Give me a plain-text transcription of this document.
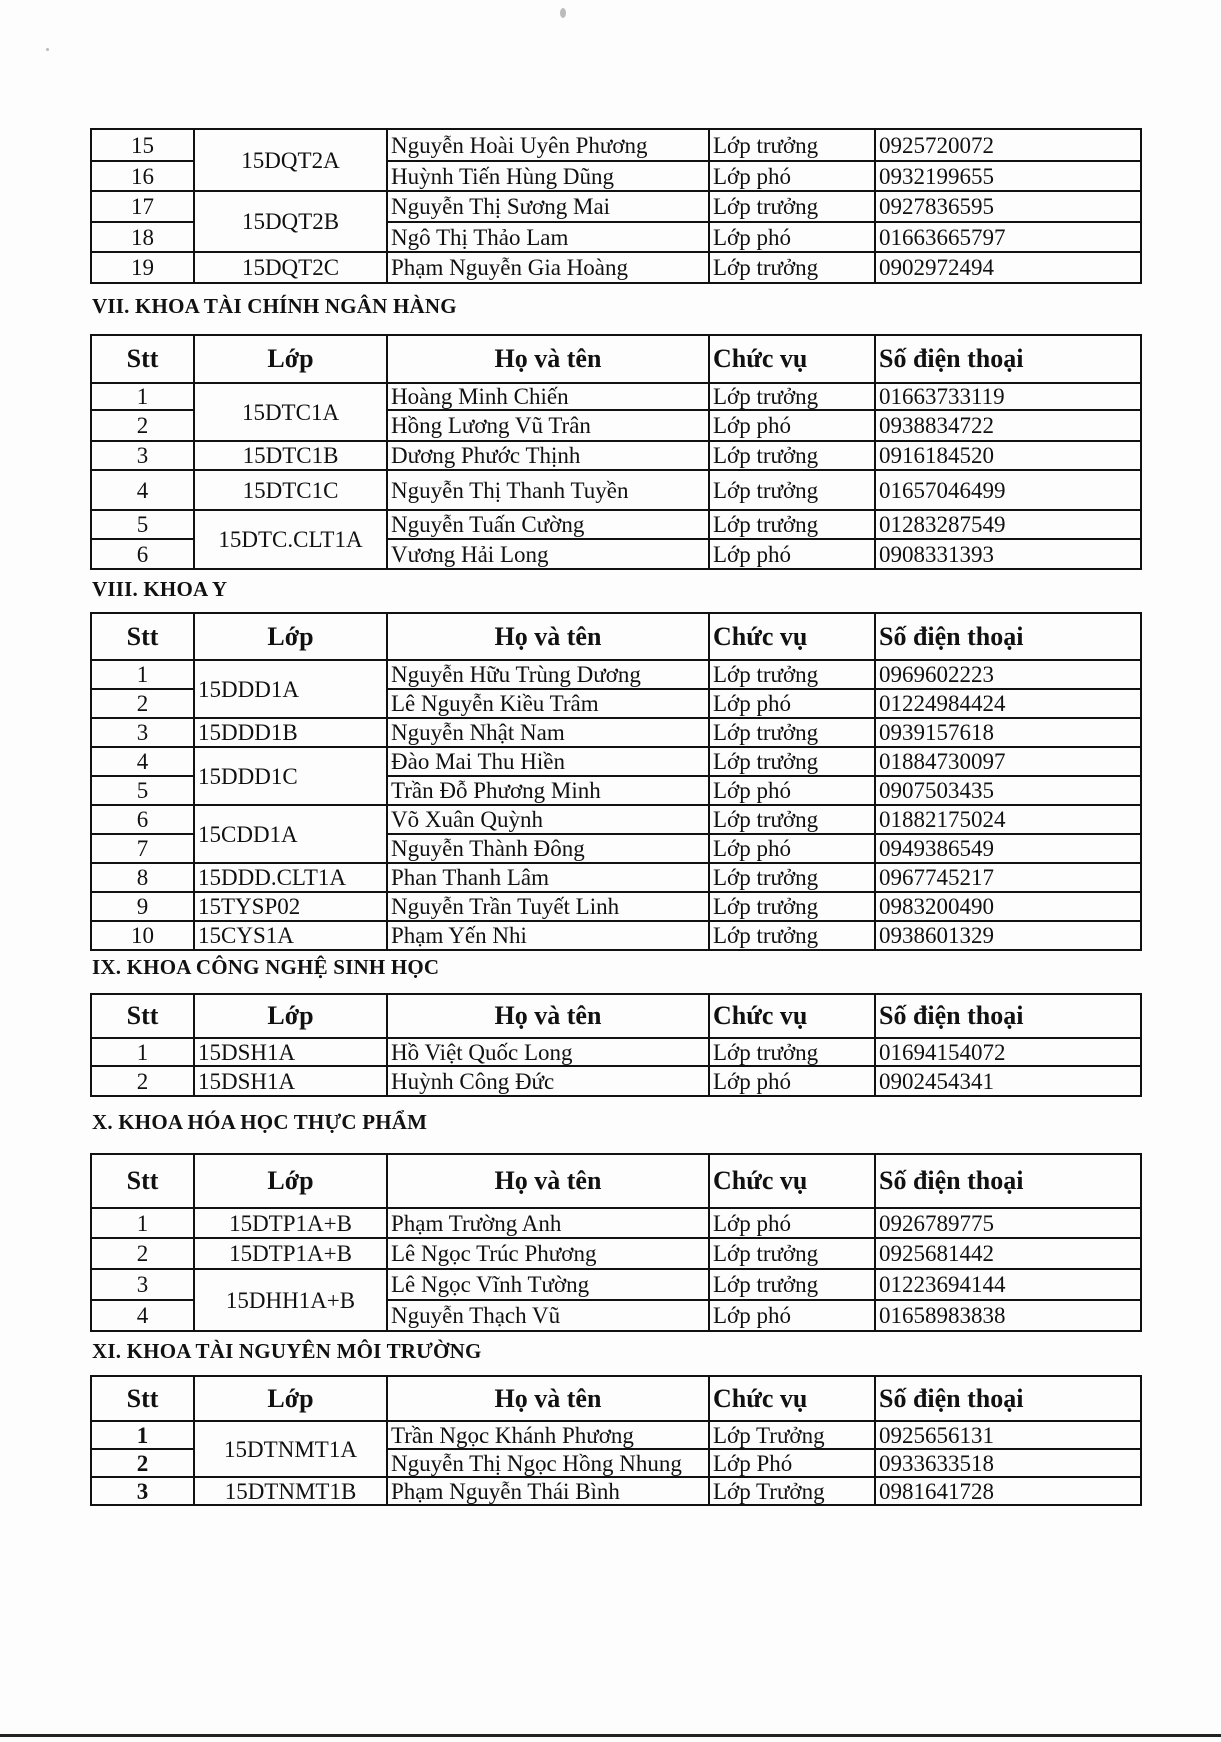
15	15DQT2A	Nguyễn Hoài Uyên Phương	Lớp trưởng	0925720072
16		Huỳnh Tiến Hùng Dũng	Lớp phó	0932199655
17	15DQT2B	Nguyễn Thị Sương Mai	Lớp trưởng	0927836595
18		Ngô Thị Thảo Lam	Lớp phó	01663665797
19	15DQT2C	Phạm Nguyễn Gia Hoàng	Lớp trưởng	0902972494
VII. KHOA TÀI CHÍNH NGÂN HÀNG
Stt	Lớp	Họ và tên	Chức vụ	Số điện thoại
1	15DTC1A	Hoàng Minh Chiến	Lớp trưởng	01663733119
2		Hồng Lương Vũ Trân	Lớp phó	0938834722
3	15DTC1B	Dương Phước Thịnh	Lớp trưởng	0916184520
4	15DTC1C	Nguyễn Thị Thanh Tuyền	Lớp trưởng	01657046499
5	15DTC.CLT1A	Nguyễn Tuấn Cường	Lớp trưởng	01283287549
6		Vương Hải Long	Lớp phó	0908331393
VIII. KHOA Y
Stt	Lớp	Họ và tên	Chức vụ	Số điện thoại
1	15DDD1A	Nguyễn Hữu Trùng Dương	Lớp trưởng	0969602223
2		Lê Nguyễn Kiều Trâm	Lớp phó	01224984424
3	15DDD1B	Nguyễn Nhật Nam	Lớp trưởng	0939157618
4	15DDD1C	Đào Mai Thu Hiền	Lớp trưởng	01884730097
5		Trần Đỗ Phương Minh	Lớp phó	0907503435
6	15CDD1A	Võ Xuân Quỳnh	Lớp trưởng	01882175024
7		Nguyễn Thành Đông	Lớp phó	0949386549
8	15DDD.CLT1A	Phan Thanh Lâm	Lớp trưởng	0967745217
9	15TYSP02	Nguyễn Trần Tuyết Linh	Lớp trưởng	0983200490
10	15CYS1A	Phạm Yến Nhi	Lớp trưởng	0938601329
IX. KHOA CÔNG NGHỆ SINH HỌC
Stt	Lớp	Họ và tên	Chức vụ	Số điện thoại
1	15DSH1A	Hồ Việt Quốc Long	Lớp trưởng	01694154072
2	15DSH1A	Huỳnh Công Đức	Lớp phó	0902454341
X. KHOA HÓA HỌC THỰC PHẨM
Stt	Lớp	Họ và tên	Chức vụ	Số điện thoại
1	15DTP1A+B	Phạm Trường Anh	Lớp phó	0926789775
2	15DTP1A+B	Lê Ngọc Trúc Phương	Lớp trưởng	0925681442
3	15DHH1A+B	Lê Ngọc Vĩnh Tường	Lớp trưởng	01223694144
4		Nguyễn Thạch Vũ	Lớp phó	01658983838
XI. KHOA TÀI NGUYÊN MÔI TRƯỜNG
Stt	Lớp	Họ và tên	Chức vụ	Số điện thoại
1	15DTNMT1A	Trần Ngọc Khánh Phương	Lớp Trưởng	0925656131
2		Nguyễn Thị Ngọc Hồng Nhung	Lớp Phó	0933633518
3	15DTNMT1B	Phạm Nguyễn Thái Bình	Lớp Trưởng	0981641728
